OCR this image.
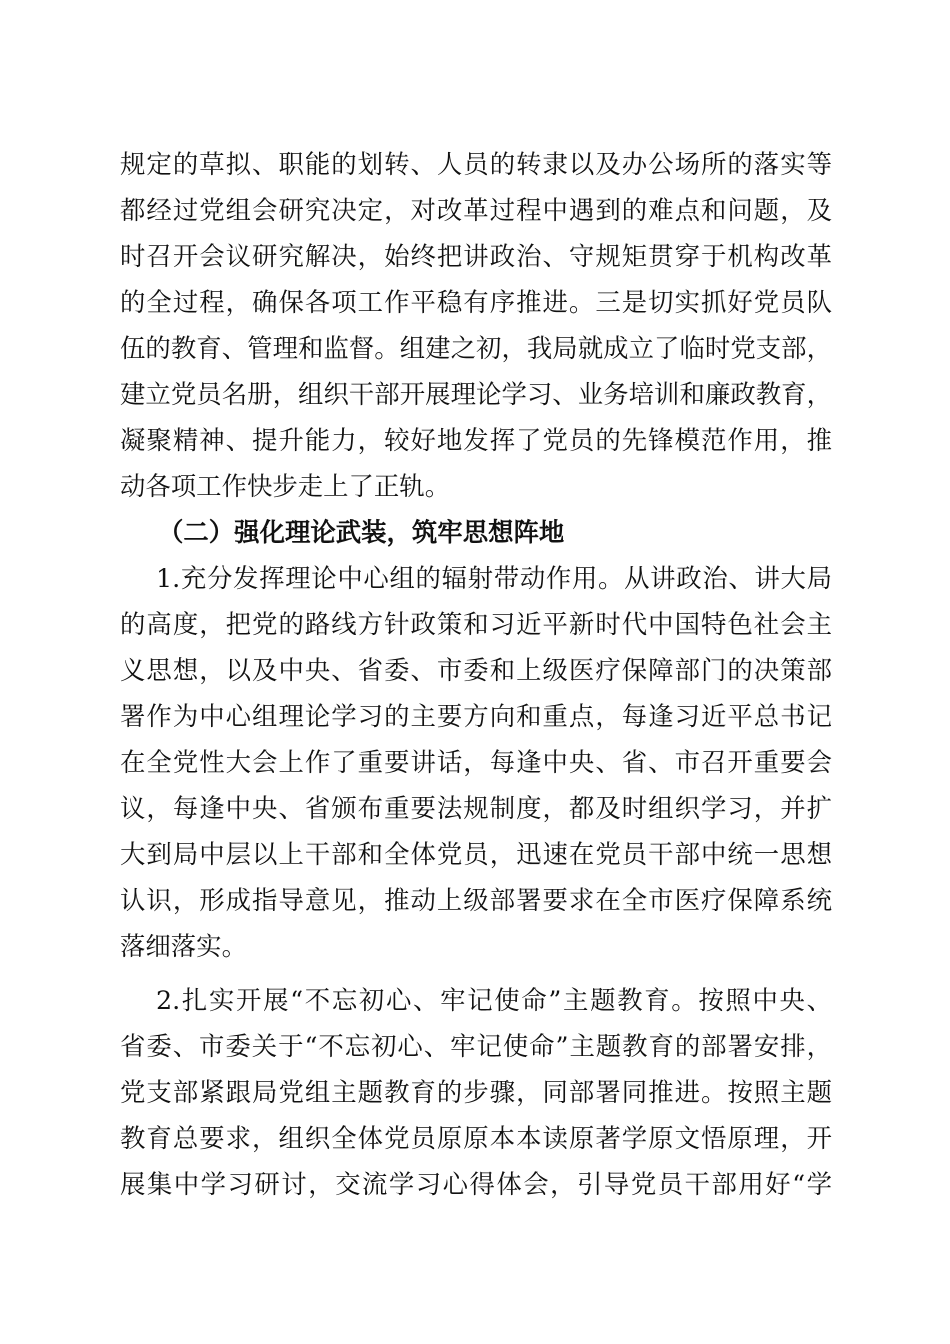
规定的草拟、职能的划转、人员的转隶以及办公场所的落实等
都经过党组会研究决定，对改革过程中遇到的难点和问题，及
时召开会议研究解决，始终把讲政治、守规矩贯穿于机构改革
的全过程，确保各项工作平稳有序推进。三是切实抓好党员队
伍的教育、管理和监督。组建之初，我局就成立了临时党支部，
建立党员名册，组织干部开展理论学习、业务培训和廉政教育，
凝聚精神、提升能力，较好地发挥了党员的先锋模范作用，推
动各项工作快步走上了正轨。
（二）强化理论武装，筑牢思想阵地
1.充分发挥理论中心组的辐射带动作用。从讲政治、讲大局
的高度，把党的路线方针政策和习近平新时代中国特色社会主
义思想，以及中央、省委、市委和上级医疗保障部门的决策部
署作为中心组理论学习的主要方向和重点，每逢习近平总书记
在全党性大会上作了重要讲话，每逢中央、省、市召开重要会
议，每逢中央、省颁布重要法规制度，都及时组织学习，并扩
大到局中层以上干部和全体党员，迅速在党员干部中统一思想
认识，形成指导意见，推动上级部署要求在全市医疗保障系统
落细落实。
2.扎实开展“不忘初心、牢记使命”主题教育。按照中央、
省委、市委关于“不忘初心、牢记使命”主题教育的部署安排，
党支部紧跟局党组主题教育的步骤，同部署同推进。按照主题
教育总要求，组织全体党员原原本本读原著学原文悟原理，开
展集中学习研讨，交流学习心得体会，引导党员干部用好“学
